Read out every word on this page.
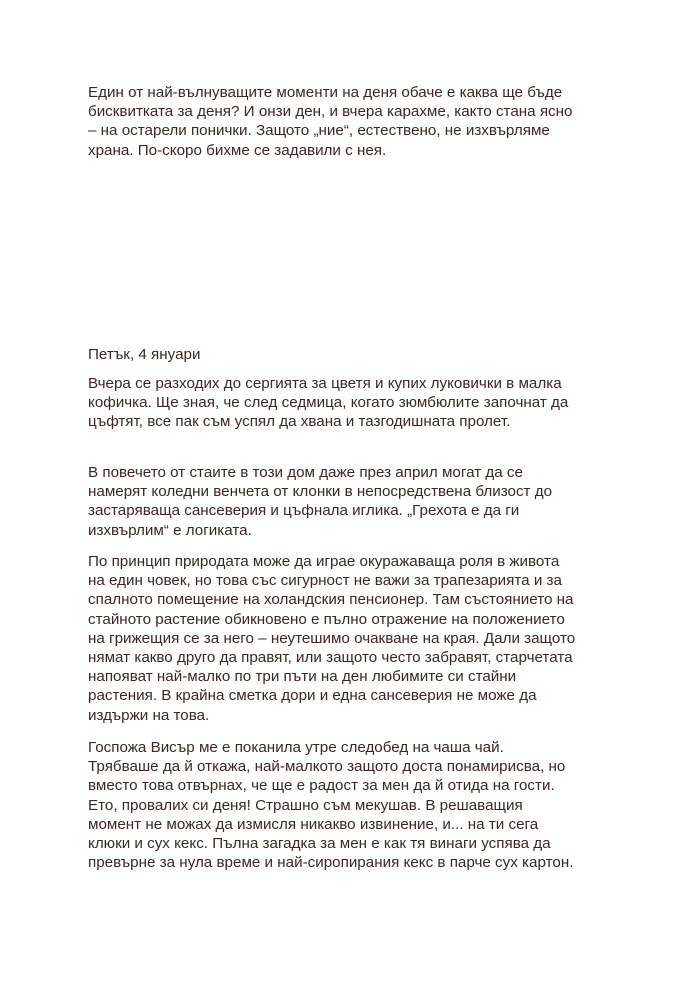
Един от най-вълнуващите моменти на деня обаче е каква ще бъде
бисквитката за деня? И онзи ден, и вчера карахме, както стана ясно
– на остарели понички. Защото „ние“, естествено, не изхвърляме
храна. По-скоро бихме се задавили с нея.

Петък, 4 януари

Вчера се разходих до сергията за цветя и купих луковички в малка
кофичка. Ще зная, че след седмица, когато зюмбюлите започнат да
цъфтят, все пак съм успял да хвана и тазгодишната пролет.

В повечето от стаите в този дом даже през април могат да се
намерят коледни венчета от клонки в непосредствена близост до
застаряваща сансеверия и цъфнала иглика. „Грехота е да ги
изхвърлим“ е логиката.

По принцип природата може да играе окуражаваща роля в живота
на един човек, но това със сигурност не важи за трапезарията и за
спалното помещение на холандския пенсионер. Там състоянието на
стайното растение обикновено е пълно отражение на положението
на грижещия се за него – неутешимо очакване на края. Дали защото
нямат какво друго да правят, или защото често забравят, старчетата
напояват най-малко по три пъти на ден любимите си стайни
растения. В крайна сметка дори и една сансеверия не може да
издържи на това.

Госпожа Висър ме е поканила утре следобед на чаша чай.
Трябваше да й откажа, най-малкото защото доста понамирисва, но
вместо това отвърнах, че ще е радост за мен да й отида на гости.
Ето, провалих си деня! Страшно съм мекушав. В решаващия
момент не можах да измисля никакво извинение, и... на ти сега
клюки и сух кекс. Пълна загадка за мен е как тя винаги успява да
превърне за нула време и най-сиропирания кекс в парче сух картон.
